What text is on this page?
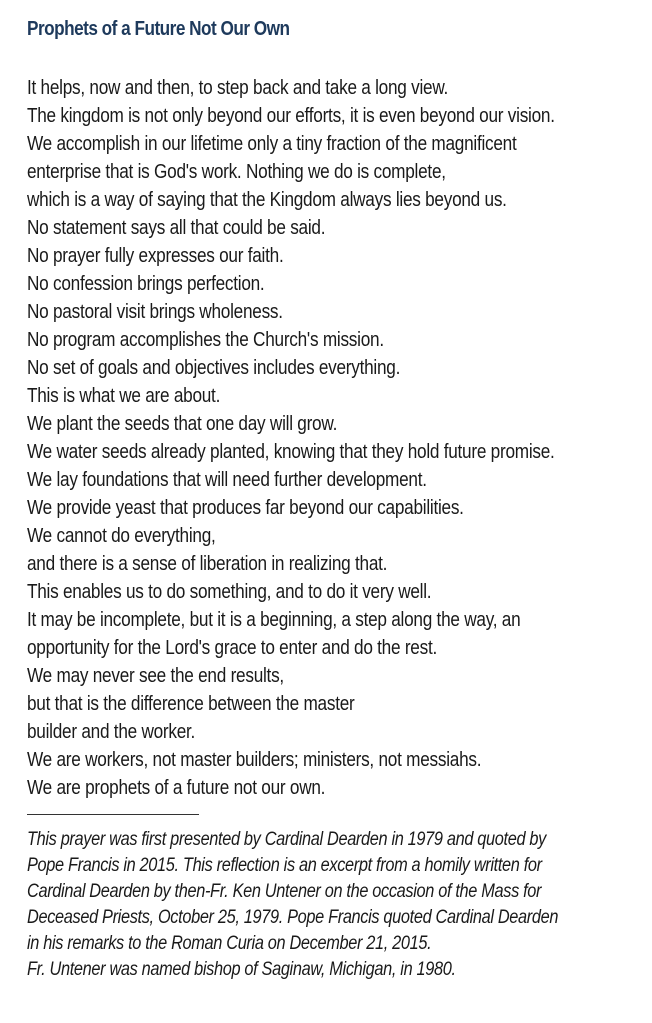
Prophets of a Future Not Our Own
It helps, now and then, to step back and take a long view.
The kingdom is not only beyond our efforts, it is even beyond our vision.
We accomplish in our lifetime only a tiny fraction of the magnificent
enterprise that is God's work. Nothing we do is complete,
which is a way of saying that the Kingdom always lies beyond us.
No statement says all that could be said.
No prayer fully expresses our faith.
No confession brings perfection.
No pastoral visit brings wholeness.
No program accomplishes the Church's mission.
No set of goals and objectives includes everything.
This is what we are about.
We plant the seeds that one day will grow.
We water seeds already planted, knowing that they hold future promise.
We lay foundations that will need further development.
We provide yeast that produces far beyond our capabilities.
We cannot do everything,
and there is a sense of liberation in realizing that.
This enables us to do something, and to do it very well.
It may be incomplete, but it is a beginning, a step along the way, an
opportunity for the Lord's grace to enter and do the rest.
We may never see the end results,
but that is the difference between the master
builder and the worker.
We are workers, not master builders; ministers, not messiahs.
We are prophets of a future not our own.
This prayer was first presented by Cardinal Dearden in 1979 and quoted by
Pope Francis in 2015. This reflection is an excerpt from a homily written for
Cardinal Dearden by then-Fr. Ken Untener on the occasion of the Mass for
Deceased Priests, October 25, 1979. Pope Francis quoted Cardinal Dearden
in his remarks to the Roman Curia on December 21, 2015.
Fr. Untener was named bishop of Saginaw, Michigan, in 1980.
